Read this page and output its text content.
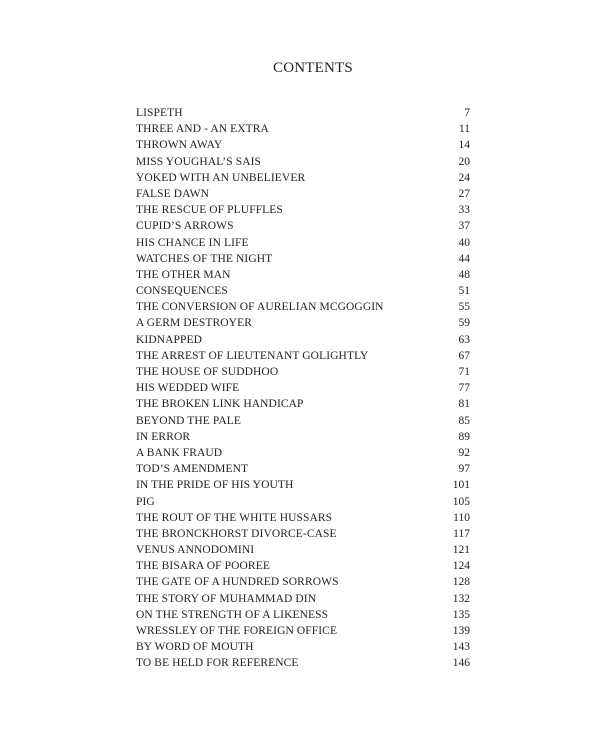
CONTENTS
LISPETH	7
THREE AND - AN EXTRA	11
THROWN AWAY	14
MISS YOUGHAL’S SAIS	20
YOKED WITH AN UNBELIEVER	24
FALSE DAWN	27
THE RESCUE OF PLUFFLES	33
CUPID’S ARROWS	37
HIS CHANCE IN LIFE	40
WATCHES OF THE NIGHT	44
THE OTHER MAN	48
CONSEQUENCES	51
THE CONVERSION OF AURELIAN MCGOGGIN	55
A GERM DESTROYER	59
KIDNAPPED	63
THE ARREST OF LIEUTENANT GOLIGHTLY	67
THE HOUSE OF SUDDHOO	71
HIS WEDDED WIFE	77
THE BROKEN LINK HANDICAP	81
BEYOND THE PALE	85
IN ERROR	89
A BANK FRAUD	92
TOD’S AMENDMENT	97
IN THE PRIDE OF HIS YOUTH	101
PIG	105
THE ROUT OF THE WHITE HUSSARS	110
THE BRONCKHORST DIVORCE-CASE	117
VENUS ANNODOMINI	121
THE BISARA OF POOREE	124
THE GATE OF A HUNDRED SORROWS	128
THE STORY OF MUHAMMAD DIN	132
ON THE STRENGTH OF A LIKENESS	135
WRESSLEY OF THE FOREIGN OFFICE	139
BY WORD OF MOUTH	143
TO BE HELD FOR REFERENCE	146
